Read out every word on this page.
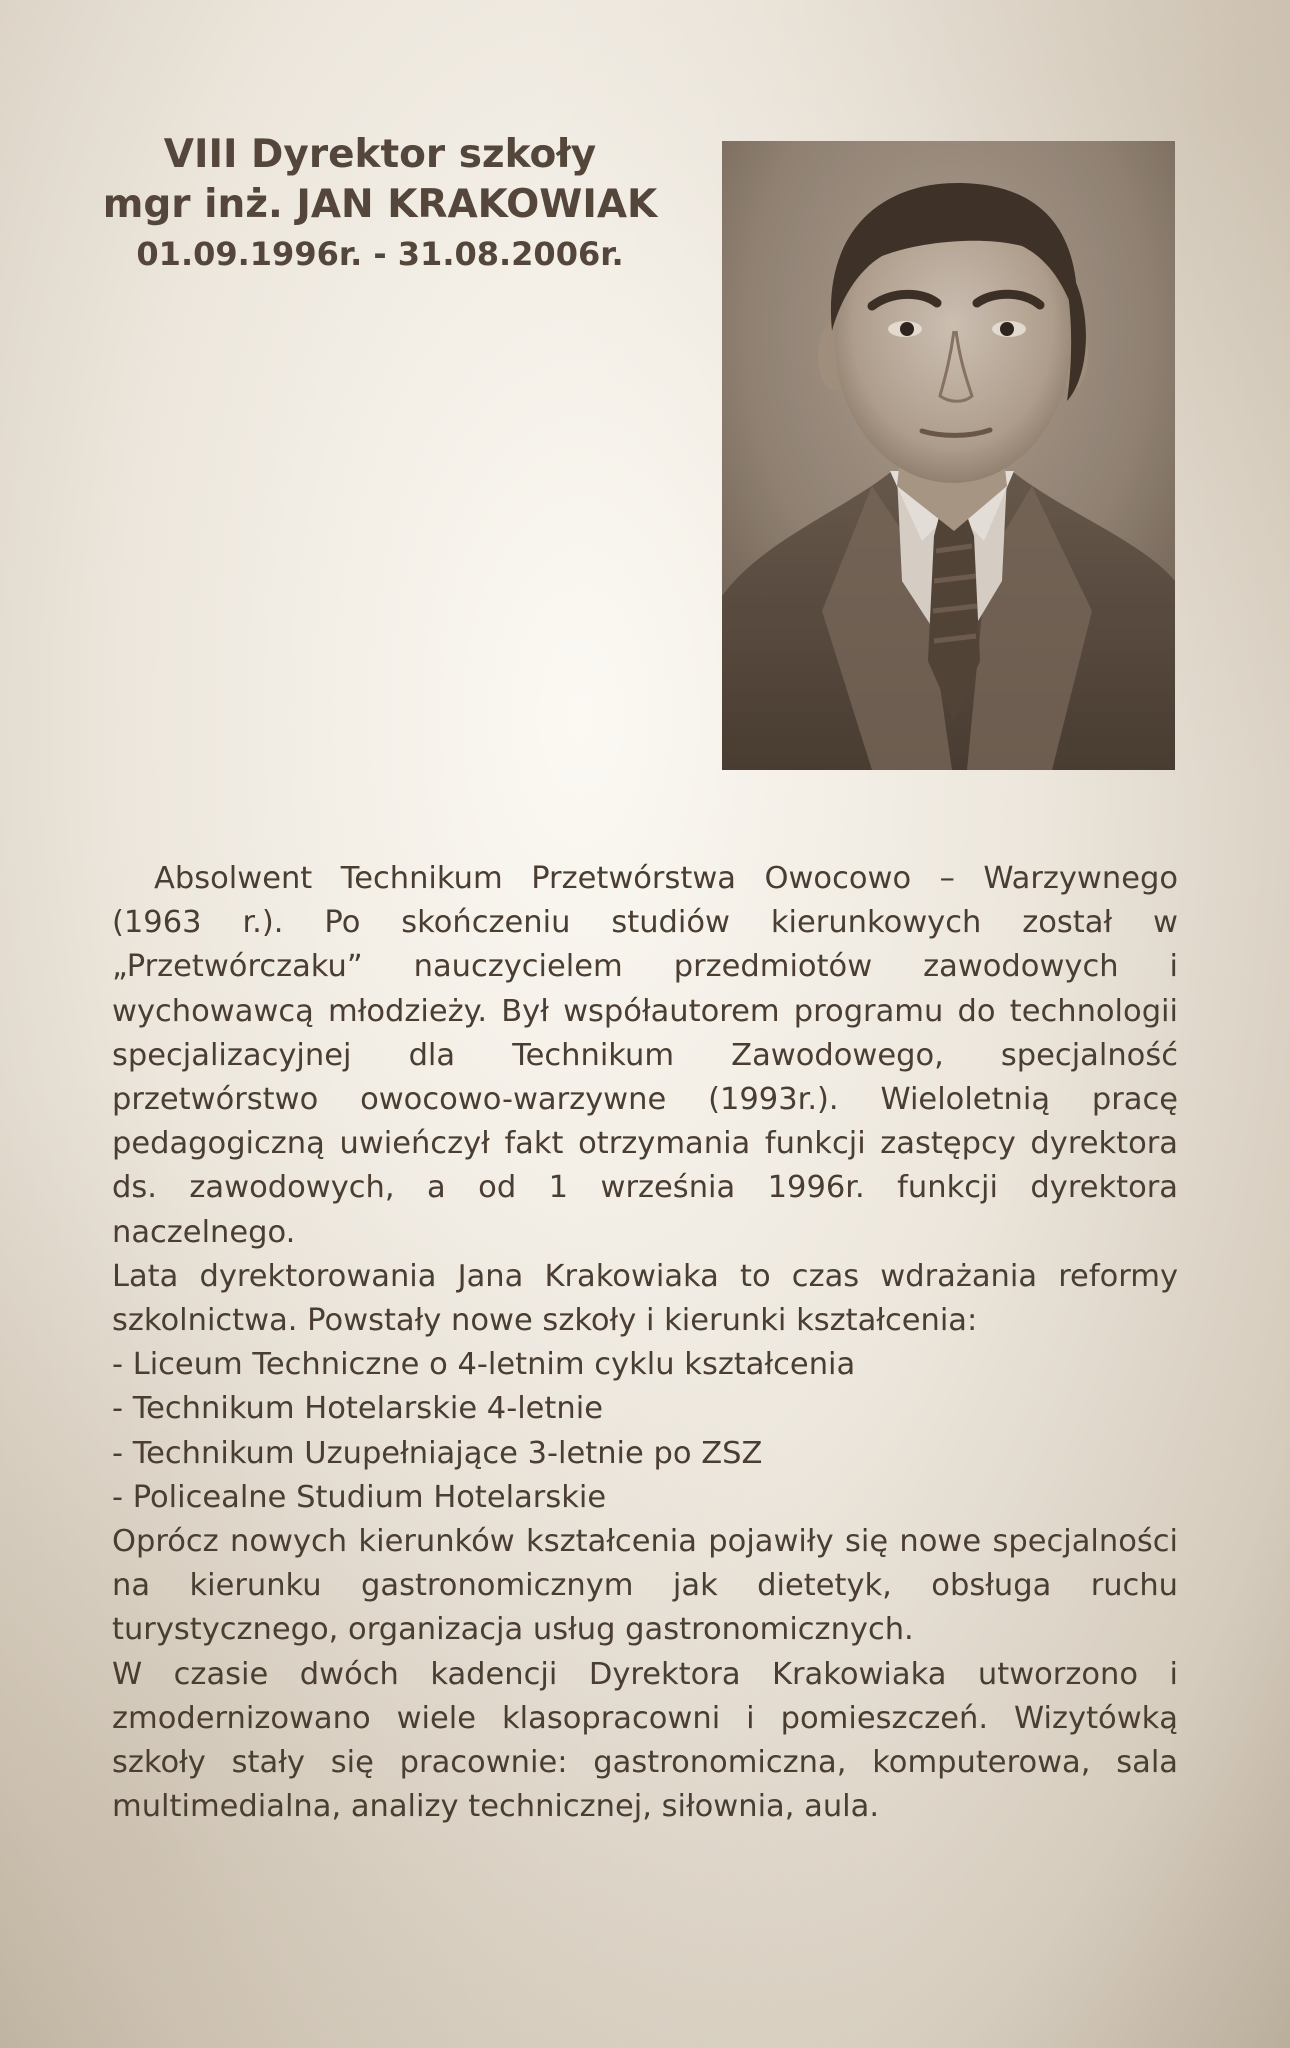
VIII Dyrektor szkoły
mgr inż. JAN KRAKOWIAK
01.09.1996r. - 31.08.2006r.

Absolwent Technikum Przetwórstwa Owocowo – Warzywnego (1963 r.). Po skończeniu studiów kierunkowych został w „Przetwórczaku” nauczycielem przedmiotów zawodowych i wychowawcą młodzieży. Był współautorem programu do technologii specjalizacyjnej dla Technikum Zawodowego, specjalność przetwórstwo owocowo-warzywne (1993r.). Wieloletnią pracę pedagogiczną uwieńczył fakt otrzymania funkcji zastępcy dyrektora ds. zawodowych, a od 1 września 1996r. funkcji dyrektora naczelnego.

Lata dyrektorowania Jana Krakowiaka to czas wdrażania reformy szkolnictwa. Powstały nowe szkoły i kierunki kształcenia:

- Liceum Techniczne o 4-letnim cyklu kształcenia
- Technikum Hotelarskie 4-letnie
- Technikum Uzupełniające 3-letnie po ZSZ
- Policealne Studium Hotelarskie

Oprócz nowych kierunków kształcenia pojawiły się nowe specjalności na kierunku gastronomicznym jak dietetyk, obsługa ruchu turystycznego, organizacja usług gastronomicznych.

W czasie dwóch kadencji Dyrektora Krakowiaka utworzono i zmodernizowano wiele klasopracowni i pomieszczeń. Wizytówką szkoły stały się pracownie: gastronomiczna, komputerowa, sala multimedialna, analizy technicznej, siłownia, aula.
